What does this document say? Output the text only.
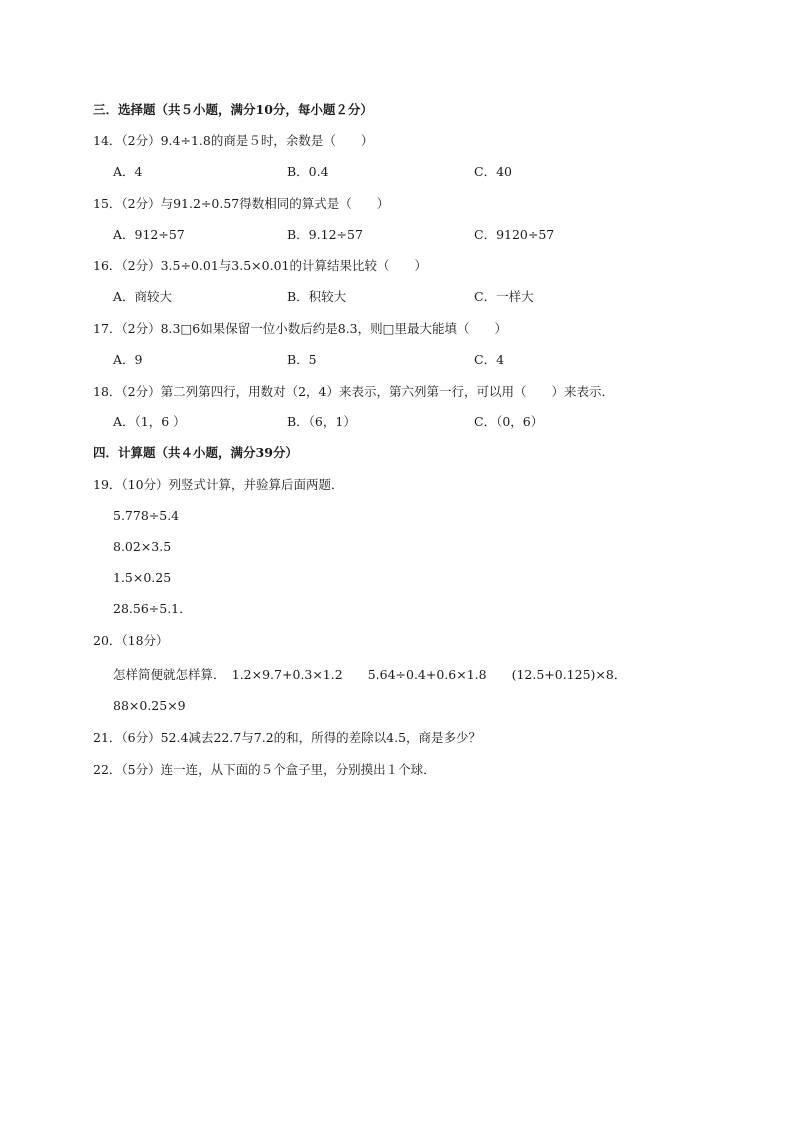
三．选择题（共５小题，满分10分，每小题２分）
14．（2分）9.4÷1.8的商是５时，余数是（　　）
A．4	B．0.4	C．40
15．（2分）与91.2÷0.57得数相同的算式是（　　）
A．912÷57	B．9.12÷57	C．9120÷57
16．（2分）3.5÷0.01与3.5×0.01的计算结果比较（　　）
A．商较大	B．积较大	C．一样大
17．（2分）8.3□6如果保留一位小数后约是8.3，则□里最大能填（　　）
A．9	B．5	C．4
18．（2分）第二列第四行，用数对（2，4）来表示，第六列第一行，可以用（　　）来表示．
A．（1，6 ）	B．（6，1）	C．（0，6）
四．计算题（共４小题，满分39分）
19．（10分）列竖式计算，并验算后面两题．
5.778÷5.4
8.02×3.5
1.5×0.25
28.56÷5.1．
20．（18分）
怎样简便就怎样算．　1.2×9.7+0.3×1.2　　5.64÷0.4+0.6×1.8　　(12.5+0.125)×8．
88×0.25×9
21．（6分）52.4减去22.7与7.2的和，所得的差除以4.5，商是多少？
22．（5分）连一连，从下面的５个盒子里，分别摸出１个球．
